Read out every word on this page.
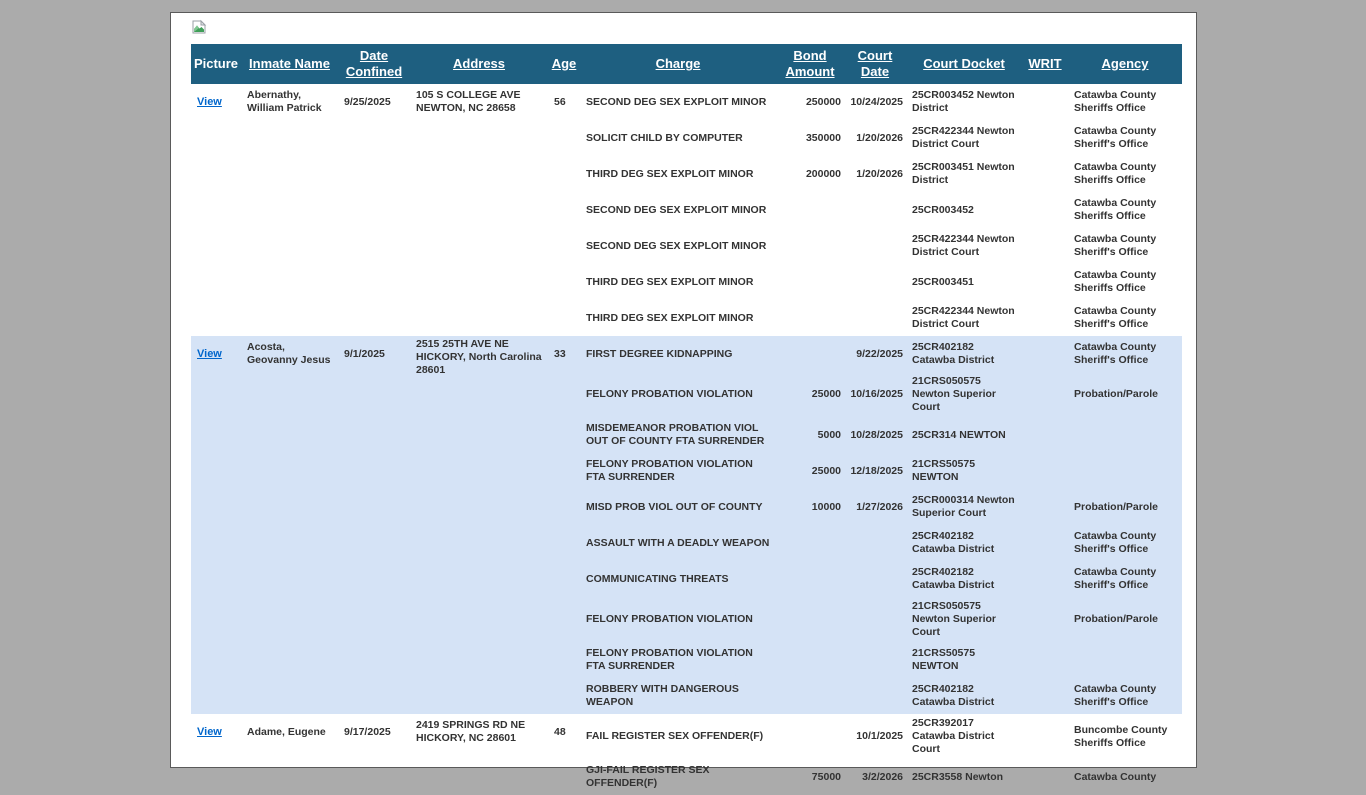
Picture	Inmate Name	Date Confined	Address	Age	Charge	Bond Amount	Court Date	Court Docket	WRIT	Agency

View	Abernathy, William Patrick	9/25/2025	105 S COLLEGE AVE NEWTON, NC 28658	56	SECOND DEG SEX EXPLOIT MINOR	250000	10/24/2025	25CR003452 Newton District		Catawba County Sheriffs Office
					SOLICIT CHILD BY COMPUTER	350000	1/20/2026	25CR422344 Newton District Court		Catawba County Sheriff's Office
					THIRD DEG SEX EXPLOIT MINOR	200000	1/20/2026	25CR003451 Newton District		Catawba County Sheriffs Office
					SECOND DEG SEX EXPLOIT MINOR			25CR003452		Catawba County Sheriffs Office
					SECOND DEG SEX EXPLOIT MINOR			25CR422344 Newton District Court		Catawba County Sheriff's Office
					THIRD DEG SEX EXPLOIT MINOR			25CR003451		Catawba County Sheriffs Office
					THIRD DEG SEX EXPLOIT MINOR			25CR422344 Newton District Court		Catawba County Sheriff's Office

View	Acosta, Geovanny Jesus	9/1/2025	2515 25TH AVE NE HICKORY, North Carolina 28601	33	FIRST DEGREE KIDNAPPING		9/22/2025	25CR402182 Catawba District		Catawba County Sheriff's Office
					FELONY PROBATION VIOLATION	25000	10/16/2025	21CRS050575 Newton Superior Court		Probation/Parole
					MISDEMEANOR PROBATION VIOL OUT OF COUNTY FTA SURRENDER	5000	10/28/2025	25CR314 NEWTON		
					FELONY PROBATION VIOLATION FTA SURRENDER	25000	12/18/2025	21CRS50575 NEWTON		
					MISD PROB VIOL OUT OF COUNTY	10000	1/27/2026	25CR000314 Newton Superior Court		Probation/Parole
					ASSAULT WITH A DEADLY WEAPON			25CR402182 Catawba District		Catawba County Sheriff's Office
					COMMUNICATING THREATS			25CR402182 Catawba District		Catawba County Sheriff's Office
					FELONY PROBATION VIOLATION			21CRS050575 Newton Superior Court		Probation/Parole
					FELONY PROBATION VIOLATION FTA SURRENDER			21CRS50575 NEWTON		
					ROBBERY WITH DANGEROUS WEAPON			25CR402182 Catawba District		Catawba County Sheriff's Office

View	Adame, Eugene	9/17/2025	2419 SPRINGS RD NE HICKORY, NC 28601	48	FAIL REGISTER SEX OFFENDER(F)		10/1/2025	25CR392017 Catawba District Court		Buncombe County Sheriffs Office
					GJI-FAIL REGISTER SEX OFFENDER(F)	75000	3/2/2026	25CR3558 Newton		Catawba County
